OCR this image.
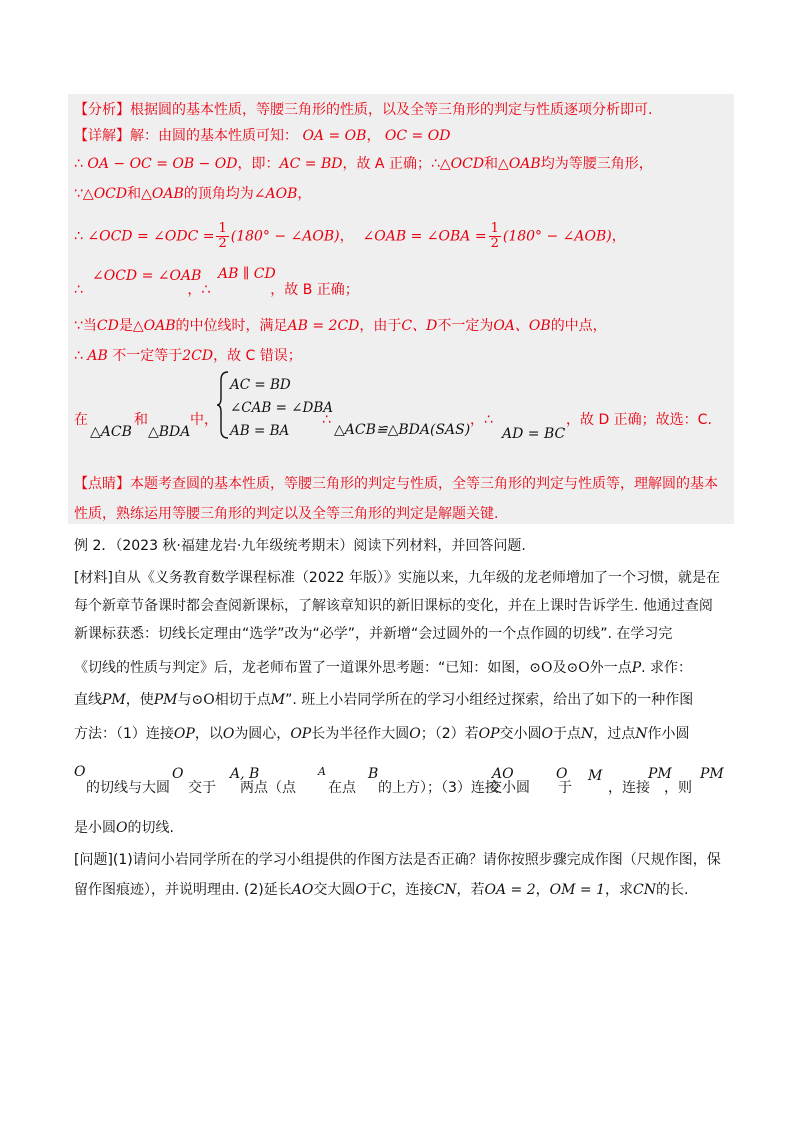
【分析】根据圆的基本性质，等腰三角形的性质，以及全等三角形的判定与性质逐项分析即可.
【详解】解：由圆的基本性质可知： OA = OB， OC = OD
∴ OA − OC = OB − OD，即：AC = BD，故 A 正确；∴△OCD和△OAB均为等腰三角形，
∵△OCD和△OAB的顶角均为∠AOB，
∴ ∠OCD = ∠ODC = $\frac{1}{2} (180^\circ$ − ∠AOB)，  ∠OAB = ∠OBA = $\frac{1}{2} (180^\circ$ − ∠AOB)，
∠OCD = ∠OAB AB ∥ CD
∴	，∴	，故 B 正确；
∵当CD是△OAB的中位线时，满足AB = 2CD，由于C、D不一定为OA、OB的中点，
∴ AB 不一定等于2CD，故 C 错误；
在
△ACB
和
△BDA
中，
AC = BD
∠CAB = ∠DBA
AB = BA
∴
△ACB≌△BDA(SAS)
，∴
AD = BC
，故 D 正确；故选：C.
【点睛】本题考查圆的基本性质，等腰三角形的判定与性质，全等三角形的判定与性质等，理解圆的基本
性质，熟练运用等腰三角形的判定以及全等三角形的判定是解题关键.
例 2．（2023 秋·福建龙岩·九年级统考期末）阅读下列材料，并回答问题.
[材料]自从《义务教育数学课程标准（2022 年版）》实施以来，九年级的龙老师增加了一个习惯，就是在
每个新章节备课时都会查阅新课标，了解该章知识的新旧课标的变化，并在上课时告诉学生. 他通过查阅
新课标获悉：切线长定理由“选学”改为“必学”，并新增“会过圆外的一个点作圆的切线”. 在学习完
《切线的性质与判定》后，龙老师布置了一道课外思考题：“已知：如图，⊙O及⊙O外一点P. 求作：
直线PM，使PM与⊙O相切于点M”. 班上小岩同学所在的学习小组经过探索，给出了如下的一种作图
方法：（1）连接OP，以O为圆心，OP长为半径作大圆O；（2）若OP交小圆O于点N，过点N作小圆
O
的切线与大圆
O
交于
A, B
两点（点
A
在点
B
的上方）；（3）连接
AO
交小圆
O
于
M
，连接
PM
，则
PM
是小圆O的切线.
[问题](1)请问小岩同学所在的学习小组提供的作图方法是否正确？请你按照步骤完成作图（尺规作图，保
留作图痕迹），并说明理由. (2)延长AO交大圆O于C，连接CN，若OA = 2，OM = 1，求CN的长.
